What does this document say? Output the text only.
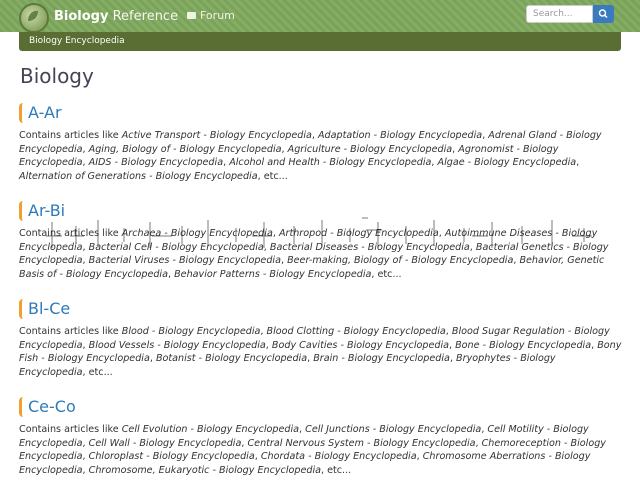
Biology Reference	Forum
Search...
Biology Encyclopedia
Biology
A-Ar

Contains articles like Active Transport - Biology Encyclopedia, Adaptation - Biology Encyclopedia, Adrenal Gland - Biology Encyclopedia, Aging, Biology of - Biology Encyclopedia, Agriculture - Biology Encyclopedia, Agronomist - Biology Encyclopedia, AIDS - Biology Encyclopedia, Alcohol and Health - Biology Encyclopedia, Algae - Biology Encyclopedia, Alternation of Generations - Biology Encyclopedia, etc...

Ar-Bi

Contains articles like Archaea - Biology Encyclopedia, Arthropod - Biology Encyclopedia, Autoimmune Diseases - Biology Encyclopedia, Bacterial Cell - Biology Encyclopedia, Bacterial Diseases - Biology Encyclopedia, Bacterial Genetics - Biology Encyclopedia, Bacterial Viruses - Biology Encyclopedia, Beer-making, Biology of - Biology Encyclopedia, Behavior, Genetic Basis of - Biology Encyclopedia, Behavior Patterns - Biology Encyclopedia, etc...

Bl-Ce

Contains articles like Blood - Biology Encyclopedia, Blood Clotting - Biology Encyclopedia, Blood Sugar Regulation - Biology Encyclopedia, Blood Vessels - Biology Encyclopedia, Body Cavities - Biology Encyclopedia, Bone - Biology Encyclopedia, Bony Fish - Biology Encyclopedia, Botanist - Biology Encyclopedia, Brain - Biology Encyclopedia, Bryophytes - Biology Encyclopedia, etc...

Ce-Co

Contains articles like Cell Evolution - Biology Encyclopedia, Cell Junctions - Biology Encyclopedia, Cell Motility - Biology Encyclopedia, Cell Wall - Biology Encyclopedia, Central Nervous System - Biology Encyclopedia, Chemoreception - Biology Encyclopedia, Chloroplast - Biology Encyclopedia, Chordata - Biology Encyclopedia, Chromosome Aberrations - Biology Encyclopedia, Chromosome, Eukaryotic - Biology Encyclopedia, etc...
